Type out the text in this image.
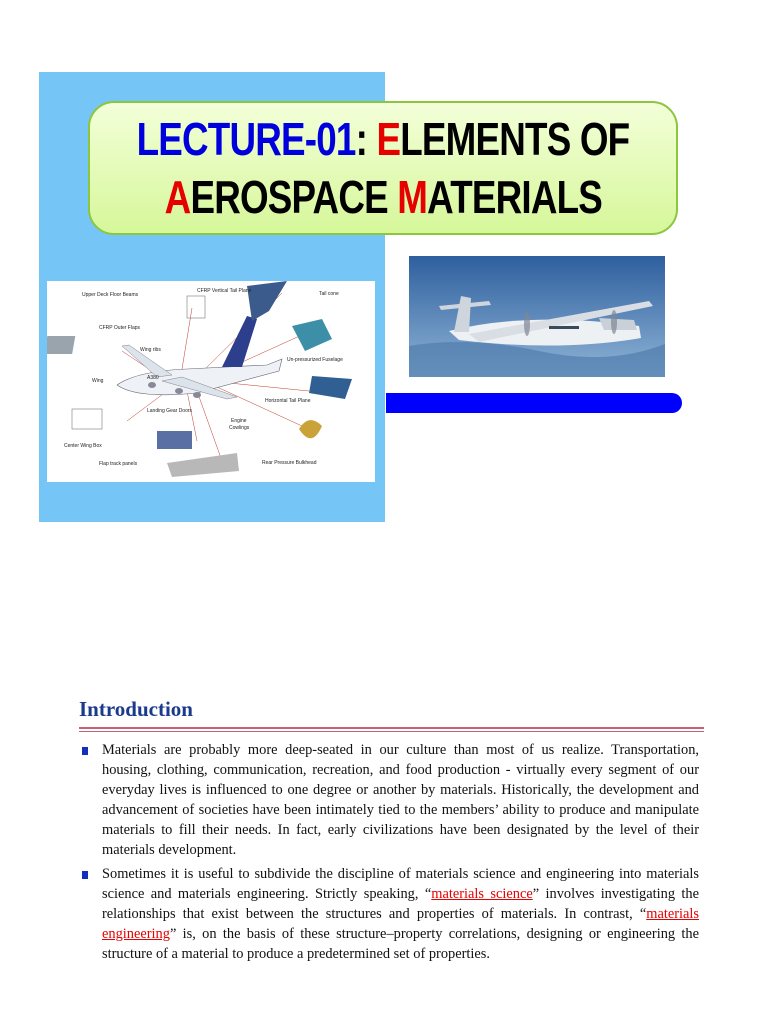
LECTURE-01: ELEMENTS OF
AEROSPACE MATERIALS
Upper Deck Floor Beams
CFRP Vertical Tail Plane	Tail cone
CFRP Outer Flaps
Wing ribs
Un-pressurized Fuselage
Wing
Horizontal Tail Plane
Landing Gear Doors
Engine
Cowlings
Center Wing Box
Rear Pressure Bulkhead
Flap track panels
A380
Introduction
Materials are probably more deep-seated in our culture than most of us realize. Transportation, housing, clothing, communication, recreation, and food production - virtually every segment of our everyday lives is influenced to one degree or another by materials. Historically, the development and advancement of societies have been intimately tied to the members’ ability to produce and manipulate materials to fill their needs. In fact, early civilizations have been designated by the level of their materials development.
Sometimes it is useful to subdivide the discipline of materials science and engineering into materials science and materials engineering. Strictly speaking, “materials science” involves investigating the relationships that exist between the structures and properties of materials. In contrast, “materials engineering” is, on the basis of these structure–property correlations, designing or engineering the structure of a material to produce a predetermined set of properties.
